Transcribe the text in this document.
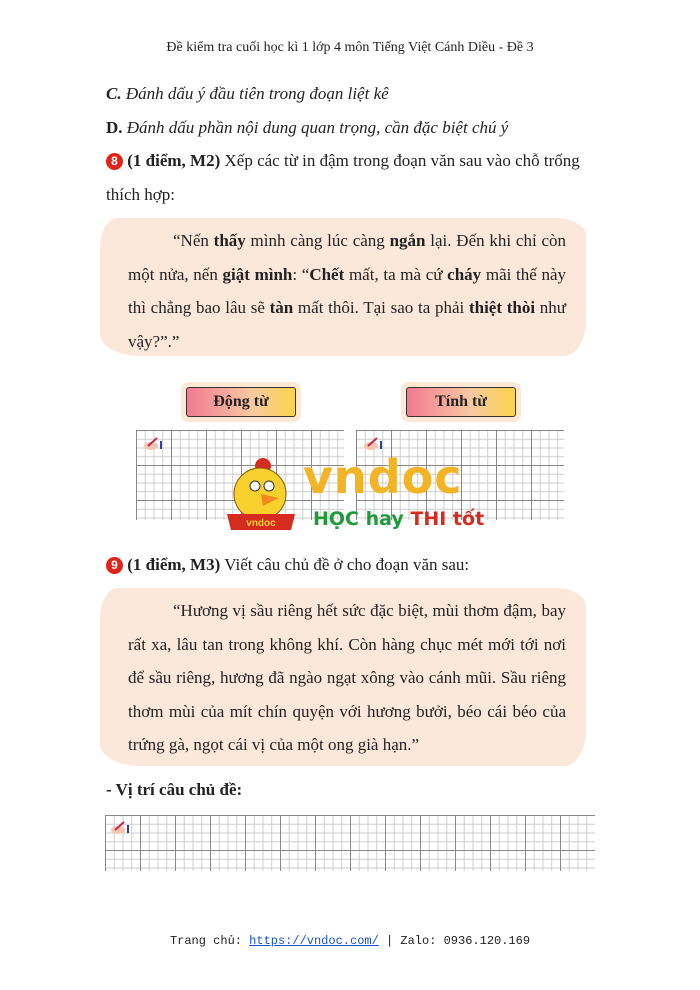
Đề kiểm tra cuối học kì 1 lớp 4 môn Tiếng Việt Cánh Diều - Đề 3
C. Đánh dấu ý đầu tiên trong đoạn liệt kê
D. Đánh dấu phần nội dung quan trọng, cần đặc biệt chú ý
8 (1 điểm, M2) Xếp các từ in đậm trong đoạn văn sau vào chỗ trống
thích hợp:
“Nến thấy mình càng lúc càng ngắn lại. Đến khi chỉ còn một nửa, nến giật mình: “Chết mất, ta mà cứ cháy mãi thế này thì chẳng bao lâu sẽ tàn mất thôi. Tại sao ta phải thiệt thòi như vậy?”.”
Động từ	Tính từ
vndoc
vndoc
HỌC hay THI tốt
9 (1 điểm, M3) Viết câu chủ đề ở cho đoạn văn sau:
“Hương vị sầu riêng hết sức đặc biệt, mùi thơm đậm, bay rất xa, lâu tan trong không khí. Còn hàng chục mét mới tới nơi để sầu riêng, hương đã ngào ngạt xông vào cánh mũi. Sầu riêng thơm mùi của mít chín quyện với hương bưởi, béo cái béo của trứng gà, ngọt cái vị của một ong già hạn.”
- Vị trí câu chủ đề:
Trang chủ: https://vndoc.com/ | Zalo: 0936.120.169
